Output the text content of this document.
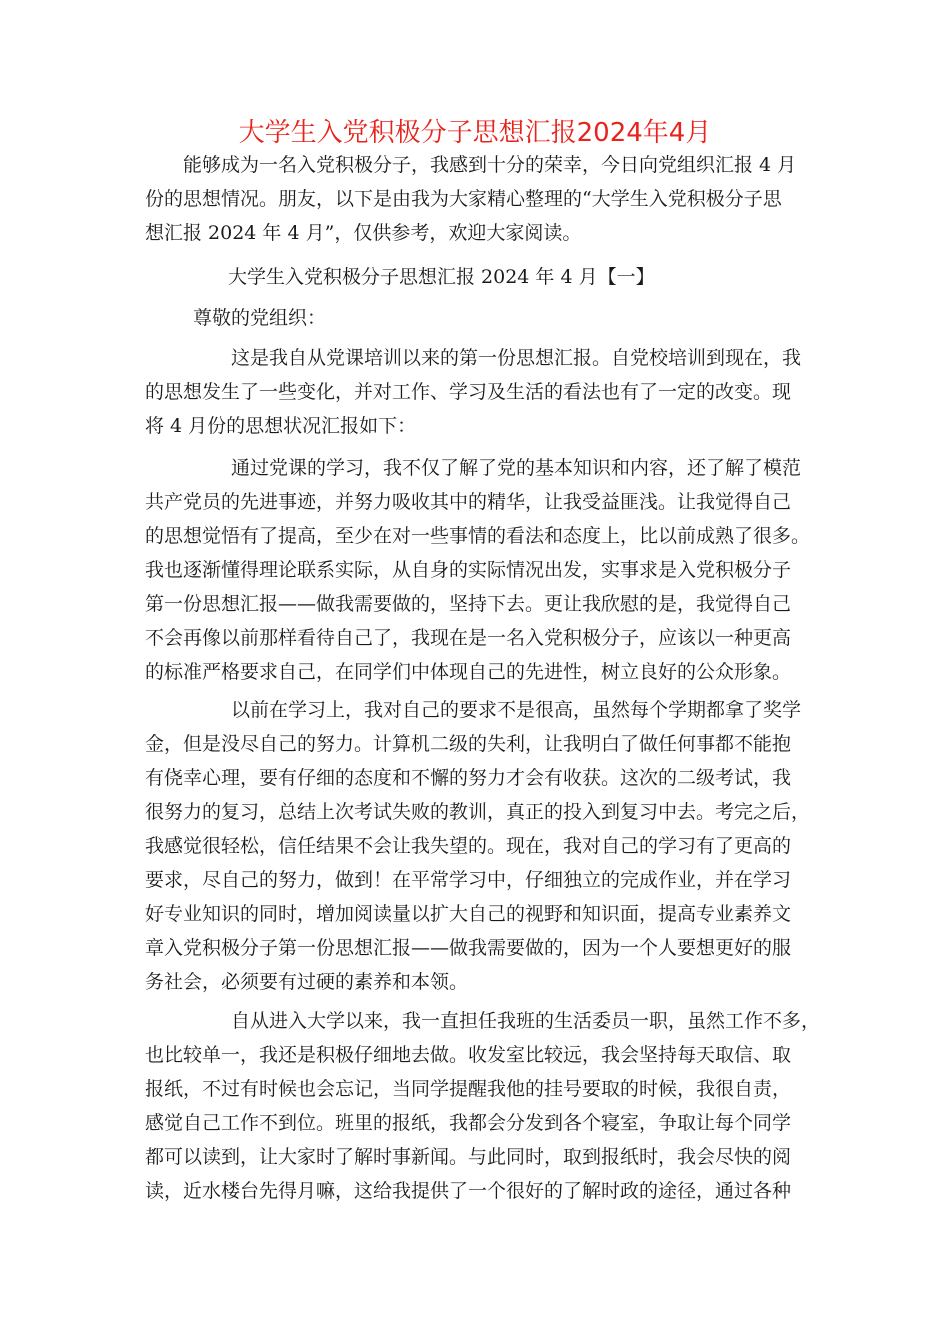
大学生入党积极分子思想汇报2024年4月

能够成为一名入党积极分子，我感到十分的荣幸，今日向党组织汇报 4 月

份的思想情况。朋友，以下是由我为大家精心整理的“大学生入党积极分子思

想汇报 2024 年 4 月”，仅供参考，欢迎大家阅读。

大学生入党积极分子思想汇报 2024 年 4 月【一】

尊敬的党组织：

这是我自从党课培训以来的第一份思想汇报。自党校培训到现在，我

的思想发生了一些变化，并对工作、学习及生活的看法也有了一定的改变。现

将 4 月份的思想状况汇报如下：

通过党课的学习，我不仅了解了党的基本知识和内容，还了解了模范

共产党员的先进事迹，并努力吸收其中的精华，让我受益匪浅。让我觉得自己

的思想觉悟有了提高，至少在对一些事情的看法和态度上，比以前成熟了很多。

我也逐渐懂得理论联系实际，从自身的实际情况出发，实事求是入党积极分子

第一份思想汇报——做我需要做的，坚持下去。更让我欣慰的是，我觉得自己

不会再像以前那样看待自己了，我现在是一名入党积极分子，应该以一种更高

的标准严格要求自己，在同学们中体现自己的先进性，树立良好的公众形象。

以前在学习上，我对自己的要求不是很高，虽然每个学期都拿了奖学

金，但是没尽自己的努力。计算机二级的失利，让我明白了做任何事都不能抱

有侥幸心理，要有仔细的态度和不懈的努力才会有收获。这次的二级考试，我

很努力的复习，总结上次考试失败的教训，真正的投入到复习中去。考完之后，

我感觉很轻松，信任结果不会让我失望的。现在，我对自己的学习有了更高的

要求，尽自己的努力，做到！在平常学习中，仔细独立的完成作业，并在学习

好专业知识的同时，增加阅读量以扩大自己的视野和知识面，提高专业素养文

章入党积极分子第一份思想汇报——做我需要做的，因为一个人要想更好的服

务社会，必须要有过硬的素养和本领。

自从进入大学以来，我一直担任我班的生活委员一职，虽然工作不多，

也比较单一，我还是积极仔细地去做。收发室比较远，我会坚持每天取信、取

报纸，不过有时候也会忘记，当同学提醒我他的挂号要取的时候，我很自责，

感觉自己工作不到位。班里的报纸，我都会分发到各个寝室，争取让每个同学

都可以读到，让大家时了解时事新闻。与此同时，取到报纸时，我会尽快的阅

读，近水楼台先得月嘛，这给我提供了一个很好的了解时政的途径，通过各种
